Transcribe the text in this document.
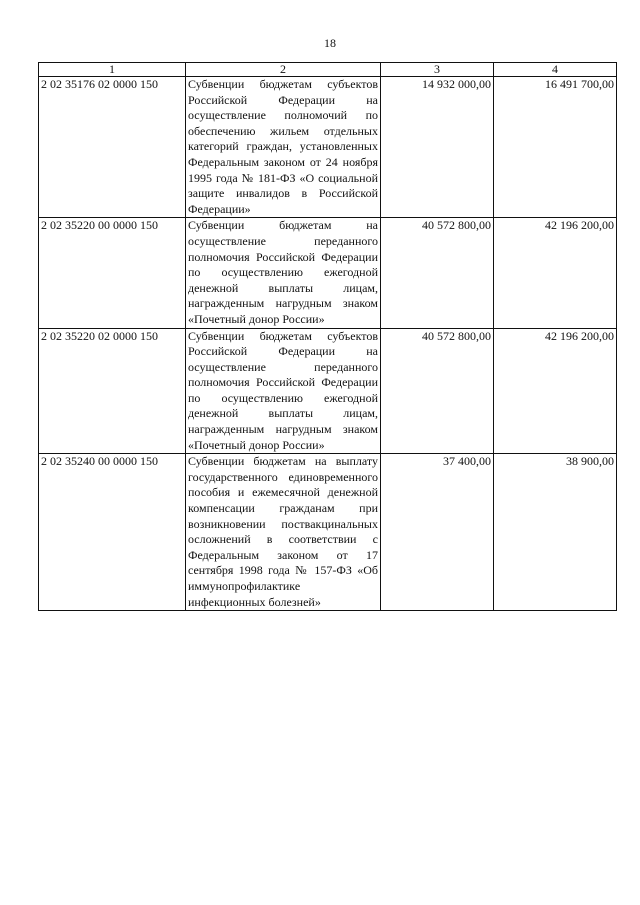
18
1	2	3	4
2 02 35176 02 0000 150	Субвенции бюджетам субъектов Российской Федерации на осуществление полномочий по обеспечению жильем отдельных категорий граждан, установленных Федеральным законом от 24 ноября 1995 года № 181-ФЗ «О социальной защите инвалидов в Российской Федерации»	14 932 000,00	16 491 700,00
2 02 35220 00 0000 150	Субвенции бюджетам на осуществление переданного полномочия Российской Федерации по осуществлению ежегодной денежной выплаты лицам, награжденным нагрудным знаком «Почетный донор России»	40 572 800,00	42 196 200,00
2 02 35220 02 0000 150	Субвенции бюджетам субъектов Российской Федерации на осуществление переданного полномочия Российской Федерации по осуществлению ежегодной денежной выплаты лицам, награжденным нагрудным знаком «Почетный донор России»	40 572 800,00	42 196 200,00
2 02 35240 00 0000 150	Субвенции бюджетам на выплату государственного единовременного пособия и ежемесячной денежной компенсации гражданам при возникновении поствакцинальных осложнений в соответствии с Федеральным законом от 17 сентября 1998 года № 157-ФЗ «Об иммунопрофилактике инфекционных болезней»	37 400,00	38 900,00
